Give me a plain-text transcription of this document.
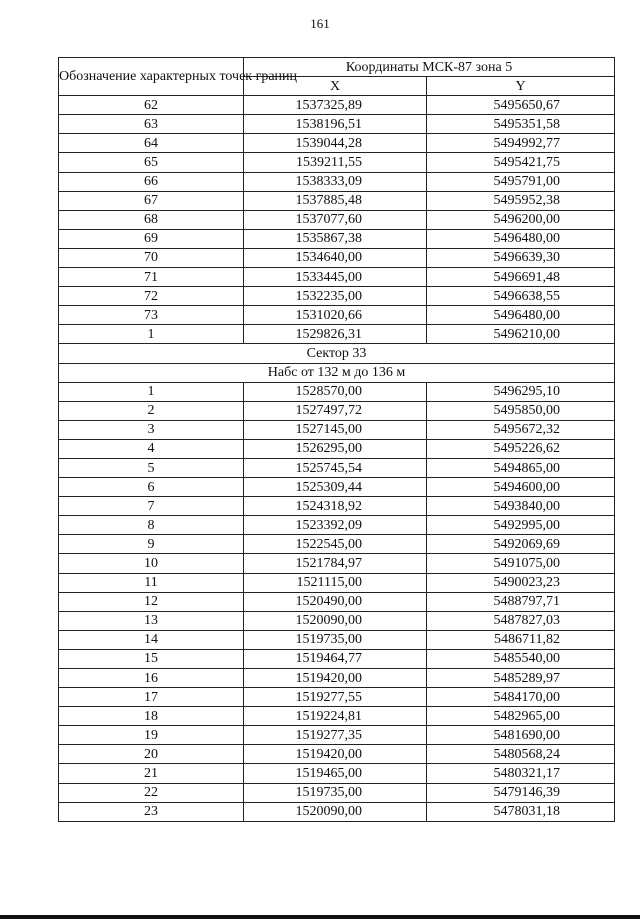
161
Обозначение характерных точек границ	Координаты МСК-87 зона 5	
	X	Y
62	1537325,89	5495650,67
63	1538196,51	5495351,58
64	1539044,28	5494992,77
65	1539211,55	5495421,75
66	1538333,09	5495791,00
67	1537885,48	5495952,38
68	1537077,60	5496200,00
69	1535867,38	5496480,00
70	1534640,00	5496639,30
71	1533445,00	5496691,48
72	1532235,00	5496638,55
73	1531020,66	5496480,00
1	1529826,31	5496210,00
Сектор 33		
Набс от 132 м до 136 м		
1	1528570,00	5496295,10
2	1527497,72	5495850,00
3	1527145,00	5495672,32
4	1526295,00	5495226,62
5	1525745,54	5494865,00
6	1525309,44	5494600,00
7	1524318,92	5493840,00
8	1523392,09	5492995,00
9	1522545,00	5492069,69
10	1521784,97	5491075,00
11	1521115,00	5490023,23
12	1520490,00	5488797,71
13	1520090,00	5487827,03
14	1519735,00	5486711,82
15	1519464,77	5485540,00
16	1519420,00	5485289,97
17	1519277,55	5484170,00
18	1519224,81	5482965,00
19	1519277,35	5481690,00
20	1519420,00	5480568,24
21	1519465,00	5480321,17
22	1519735,00	5479146,39
23	1520090,00	5478031,18
